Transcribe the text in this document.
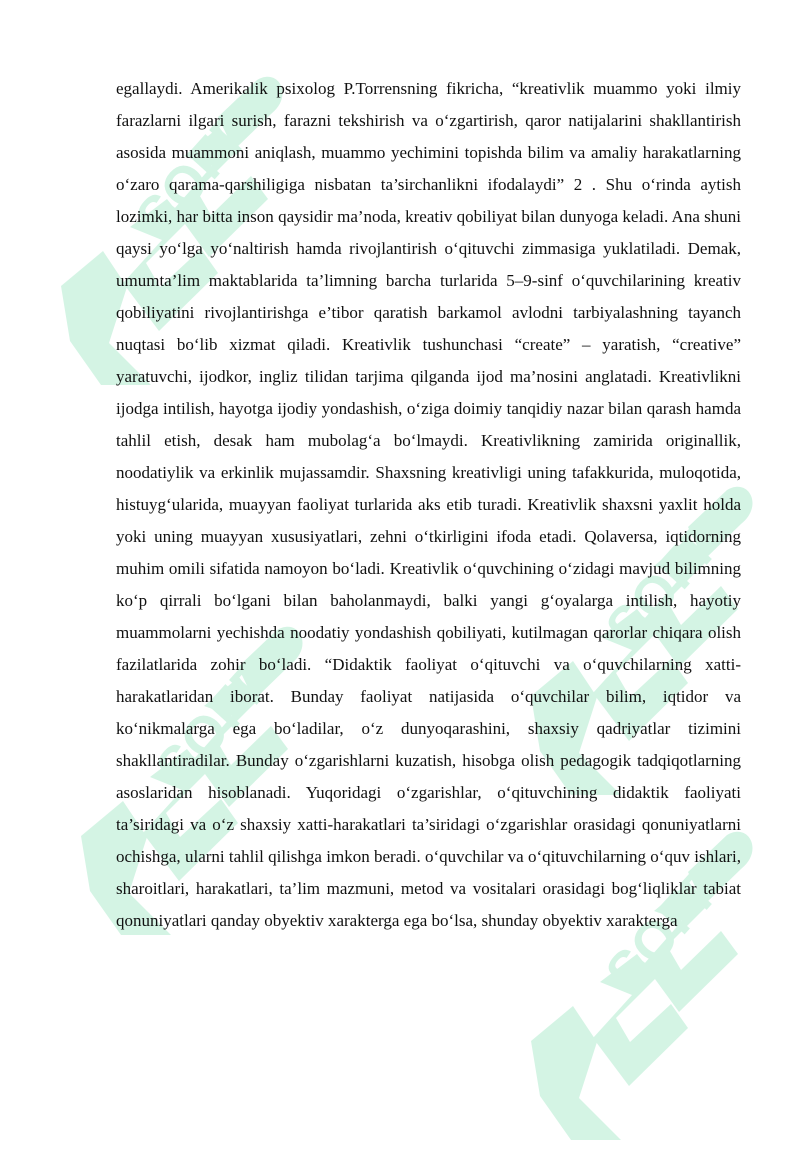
SOFF
SOFF
SOFF
SOFF

egallaydi. Amerikalik psixolog P.Torrensning fikricha, “kreativlik muammo yoki ilmiy farazlarni ilgari surish, farazni tekshirish va o‘zgartirish, qaror natijalarini shakllantirish asosida muammoni aniqlash, muammo yechimini topishda bilim va amaliy harakatlarning o‘zaro qarama-qarshiligiga nisbatan ta’sirchanlikni ifodalaydi” 2 . Shu o‘rinda aytish lozimki, har bitta inson qaysidir ma’noda, kreativ qobiliyat bilan dunyoga keladi. Ana shuni qaysi yo‘lga yo‘naltirish hamda rivojlantirish o‘qituvchi zimmasiga yuklatiladi. Demak, umumta’lim maktablarida ta’limning barcha turlarida 5–9-sinf o‘quvchilarining kreativ qobiliyatini rivojlantirishga e’tibor qaratish barkamol avlodni tarbiyalashning tayanch nuqtasi bo‘lib xizmat qiladi. Kreativlik tushunchasi “create” – yaratish, “creative” yaratuvchi, ijodkor, ingliz tilidan tarjima qilganda ijod ma’nosini anglatadi. Kreativlikni ijodga intilish, hayotga ijodiy yondashish, o‘ziga doimiy tanqidiy nazar bilan qarash hamda tahlil etish, desak ham mubolag‘a bo‘lmaydi. Kreativlikning zamirida originallik, noodatiylik va erkinlik mujassamdir. Shaxsning kreativligi uning tafakkurida, muloqotida, histuyg‘ularida, muayyan faoliyat turlarida aks etib turadi. Kreativlik shaxsni yaxlit holda yoki uning muayyan xususiyatlari, zehni o‘tkirligini ifoda etadi. Qolaversa, iqtidorning muhim omili sifatida namoyon bo‘ladi. Kreativlik o‘quvchining o‘zidagi mavjud bilimning ko‘p qirrali bo‘lgani bilan baholanmaydi, balki yangi g‘oyalarga intilish, hayotiy muammolarni yechishda noodatiy yondashish qobiliyati, kutilmagan qarorlar chiqara olish fazilatlarida zohir bo‘ladi. “Didaktik faoliyat o‘qituvchi va o‘quvchilarning xatti-harakatlaridan iborat. Bunday faoliyat natijasida o‘quvchilar bilim, iqtidor va ko‘nikmalarga ega bo‘ladilar, o‘z dunyoqarashini, shaxsiy qadriyatlar tizimini shakllantiradilar. Bunday o‘zgarishlarni kuzatish, hisobga olish pedagogik tadqiqotlarning asoslaridan hisoblanadi. Yuqoridagi o‘zgarishlar, o‘qituvchining didaktik faoliyati ta’siridagi va o‘z shaxsiy xatti-harakatlari ta’siridagi o‘zgarishlar orasidagi qonuniyatlarni ochishga, ularni tahlil qilishga imkon beradi. o‘quvchilar va o‘qituvchilarning o‘quv ishlari, sharoitlari, harakatlari, ta’lim mazmuni, metod va vositalari orasidagi bog‘liqliklar tabiat qonuniyatlari qanday obyektiv xarakterga ega bo‘lsa, shunday obyektiv xarakterga
